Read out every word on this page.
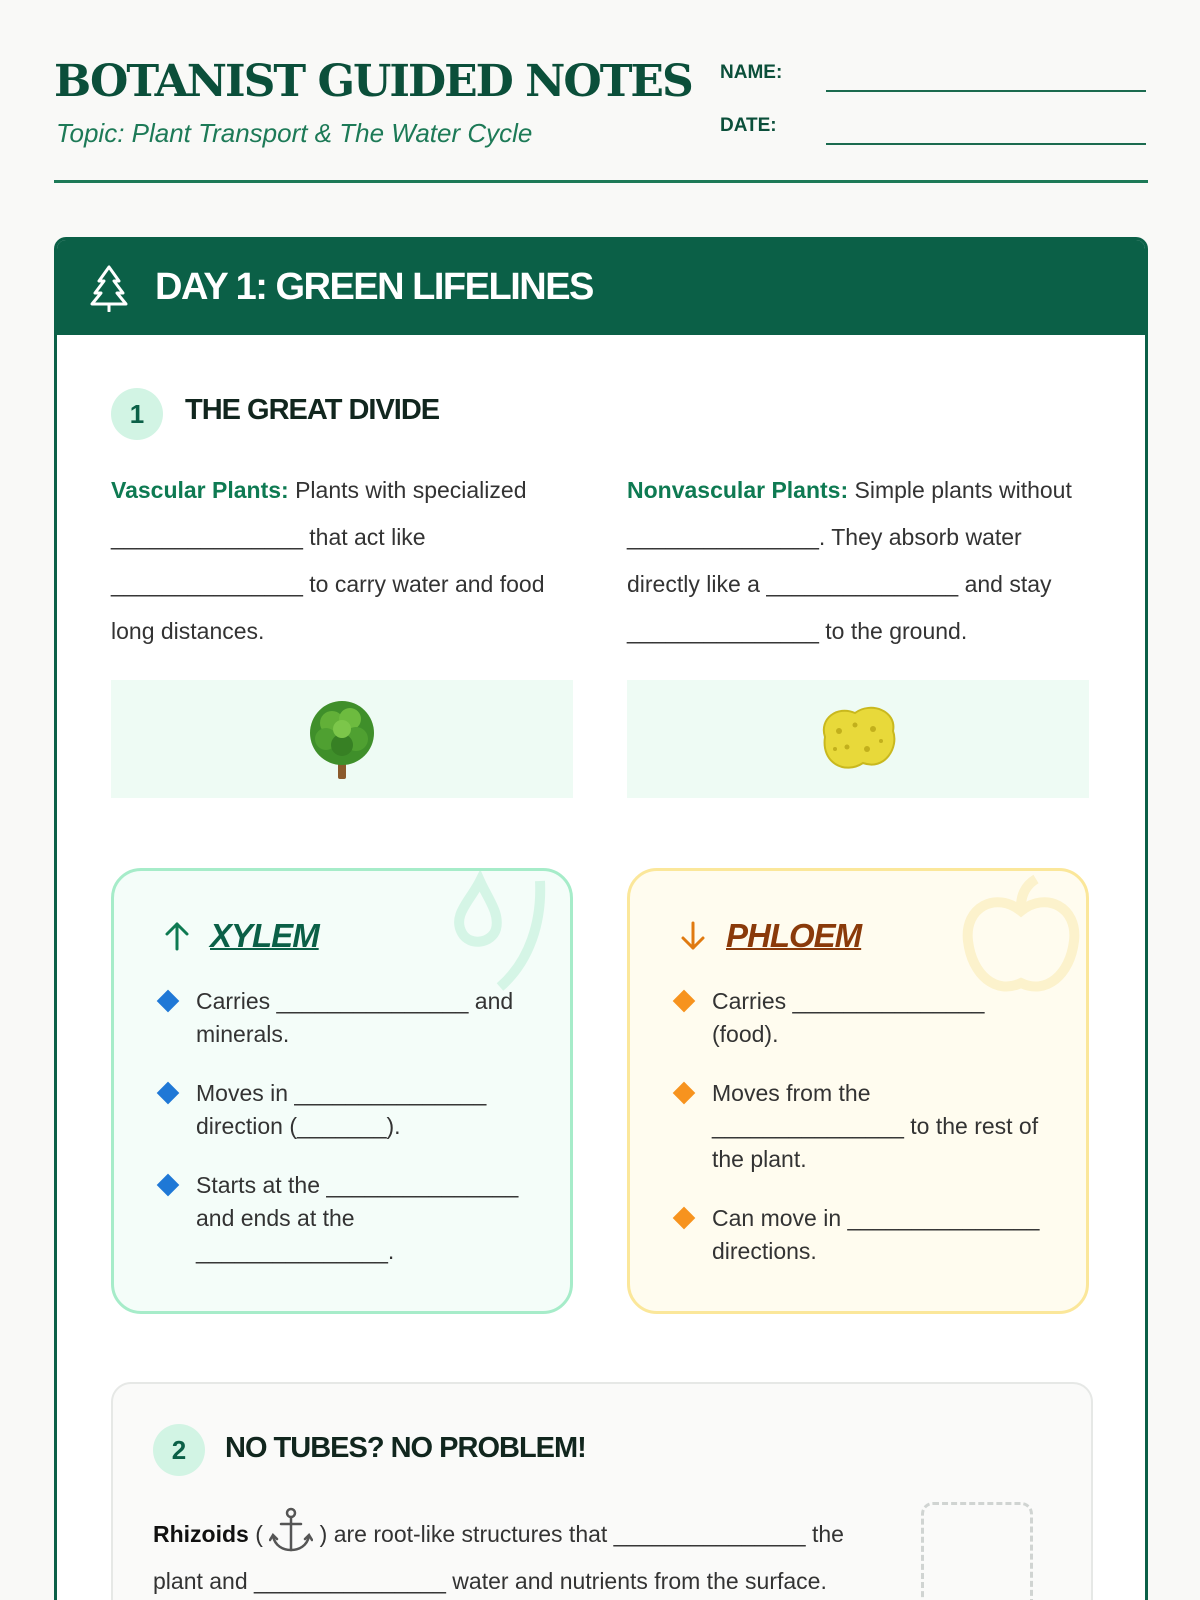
BOTANIST GUIDED NOTES
Topic: Plant Transport & The Water Cycle
NAME:
DATE:
DAY 1: GREEN LIFELINES
1	THE GREAT DIVIDE
Vascular Plants: Plants with specialized _______________ that act like _______________ to carry water and food long distances.
Nonvascular Plants: Simple plants without _______________. They absorb water directly like a _______________ and stay _______________ to the ground.
XYLEM
Carries _______________ and minerals.
Moves in _______________ direction (_______).
Starts at the _______________ and ends at the _______________.
PHLOEM
Carries _______________ (food).
Moves from the _______________ to the rest of the plant.
Can move in _______________ directions.
2	NO TUBES? NO PROBLEM!
Rhizoids (  ) are root-like structures that _______________ the plant and _______________ water and nutrients from the surface.
